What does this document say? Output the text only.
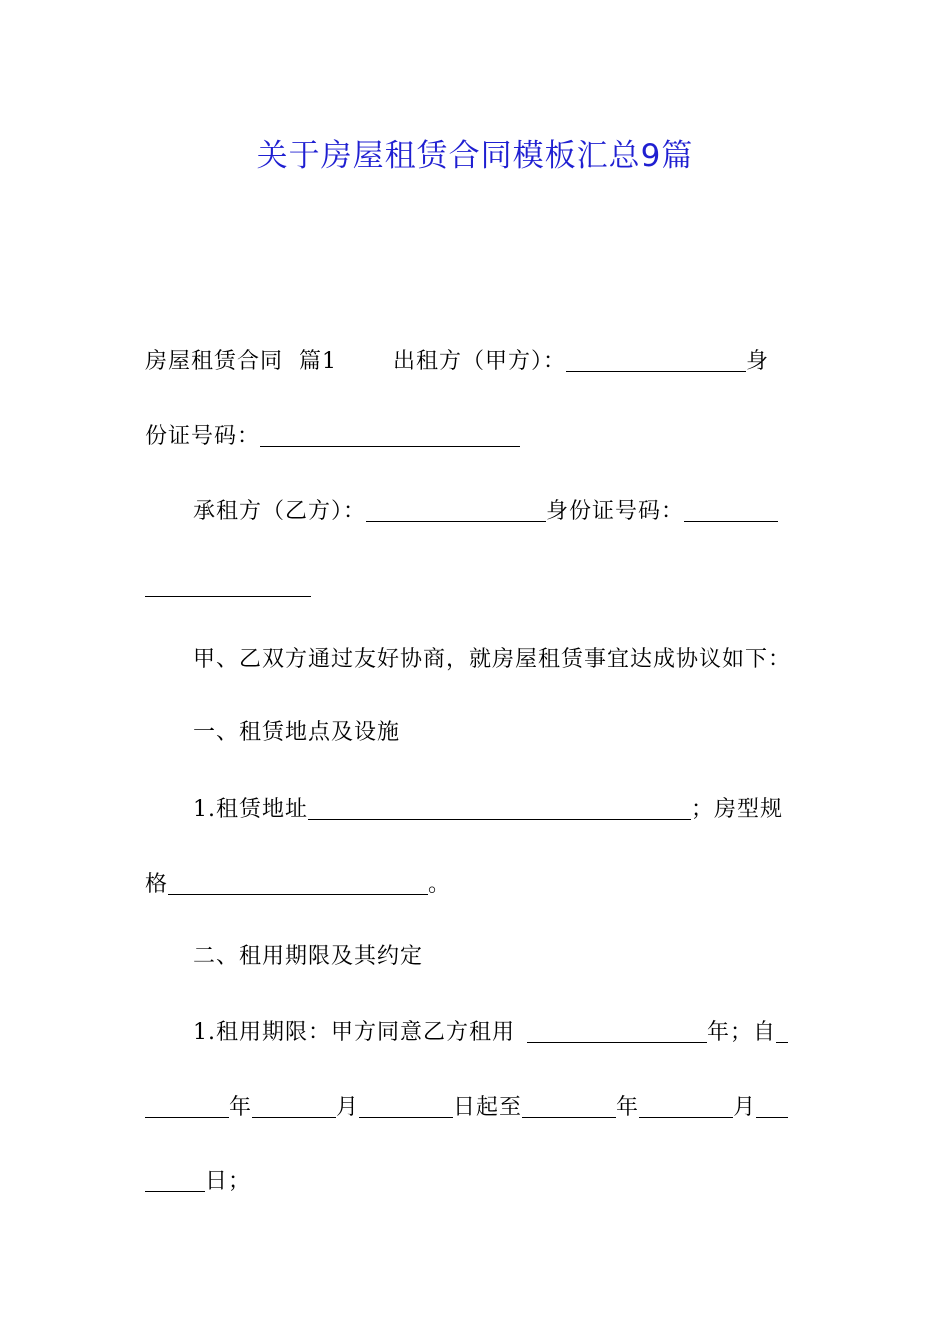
关于房屋租赁合同模板汇总9篇
房屋租赁合同 篇1	出租方（甲方）：	身
份证号码：
承租方（乙方）：	身份证号码：
甲、乙双方通过友好协商，就房屋租赁事宜达成协议如下：
一、租赁地点及设施
1.租赁地址	；房型规
格	。
二、租用期限及其约定
1.租用期限：甲方同意乙方租用	年；自
年	月	日起至	年	月
日；
